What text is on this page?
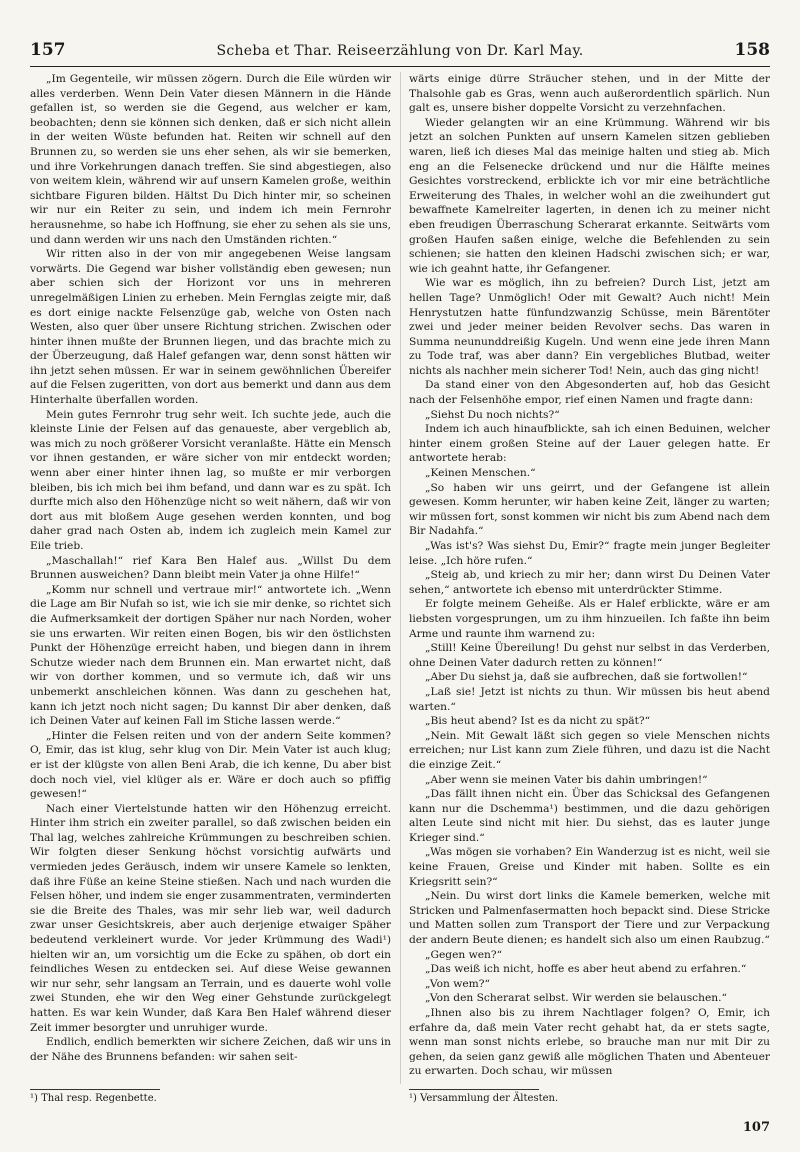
157	Scheba et Thar. Reiseerzählung von Dr. Karl May.	158

„Im Gegenteile, wir müssen zögern. Durch die Eile würden wir alles verderben. Wenn Dein Vater diesen Männern in die Hände gefallen ist, so werden sie die Gegend, aus welcher er kam, beobachten; denn sie können sich denken, daß er sich nicht allein in der weiten Wüste befunden hat. Reiten wir schnell auf den Brunnen zu, so werden sie uns eher sehen, als wir sie bemerken, und ihre Vorkehrungen danach treffen. Sie sind abgestiegen, also von weitem klein, während wir auf unsern Kamelen große, weithin sichtbare Figuren bilden. Hältst Du Dich hinter mir, so scheinen wir nur ein Reiter zu sein, und indem ich mein Fernrohr herausnehme, so habe ich Hoffnung, sie eher zu sehen als sie uns, und dann werden wir uns nach den Umständen richten.“

Wir ritten also in der von mir angegebenen Weise langsam vorwärts. Die Gegend war bisher vollständig eben gewesen; nun aber schien sich der Horizont vor uns in mehreren unregelmäßigen Linien zu erheben. Mein Fernglas zeigte mir, daß es dort einige nackte Felsenzüge gab, welche von Osten nach Westen, also quer über unsere Richtung strichen. Zwischen oder hinter ihnen mußte der Brunnen liegen, und das brachte mich zu der Überzeugung, daß Halef gefangen war, denn sonst hätten wir ihn jetzt sehen müssen. Er war in seinem gewöhnlichen Übereifer auf die Felsen zugeritten, von dort aus bemerkt und dann aus dem Hinterhalte überfallen worden.

Mein gutes Fernrohr trug sehr weit. Ich suchte jede, auch die kleinste Linie der Felsen auf das genaueste, aber vergeblich ab, was mich zu noch größerer Vorsicht veranlaßte. Hätte ein Mensch vor ihnen gestanden, er wäre sicher von mir entdeckt worden; wenn aber einer hinter ihnen lag, so mußte er mir verborgen bleiben, bis ich mich bei ihm befand, und dann war es zu spät. Ich durfte mich also den Höhenzüge nicht so weit nähern, daß wir von dort aus mit bloßem Auge gesehen werden konnten, und bog daher grad nach Osten ab, indem ich zugleich mein Kamel zur Eile trieb.

„Maschallah!“ rief Kara Ben Halef aus. „Willst Du dem Brunnen ausweichen? Dann bleibt mein Vater ja ohne Hilfe!“

„Komm nur schnell und vertraue mir!“ antwortete ich. „Wenn die Lage am Bir Nufah so ist, wie ich sie mir denke, so richtet sich die Aufmerksamkeit der dortigen Späher nur nach Norden, woher sie uns erwarten. Wir reiten einen Bogen, bis wir den östlichsten Punkt der Höhenzüge erreicht haben, und biegen dann in ihrem Schutze wieder nach dem Brunnen ein. Man erwartet nicht, daß wir von dorther kommen, und so vermute ich, daß wir uns unbemerkt anschleichen können. Was dann zu geschehen hat, kann ich jetzt noch nicht sagen; Du kannst Dir aber denken, daß ich Deinen Vater auf keinen Fall im Stiche lassen werde.“

„Hinter die Felsen reiten und von der andern Seite kommen? O, Emir, das ist klug, sehr klug von Dir. Mein Vater ist auch klug; er ist der klügste von allen Beni Arab, die ich kenne, Du aber bist doch noch viel, viel klüger als er. Wäre er doch auch so pfiffig gewesen!“

Nach einer Viertelstunde hatten wir den Höhenzug erreicht. Hinter ihm strich ein zweiter parallel, so daß zwischen beiden ein Thal lag, welches zahlreiche Krümmungen zu beschreiben schien. Wir folgten dieser Senkung höchst vorsichtig aufwärts und vermieden jedes Geräusch, indem wir unsere Kamele so lenkten, daß ihre Füße an keine Steine stießen. Nach und nach wurden die Felsen höher, und indem sie enger zusammentraten, verminderten sie die Breite des Thales, was mir sehr lieb war, weil dadurch zwar unser Gesichtskreis, aber auch derjenige etwaiger Späher bedeutend verkleinert wurde. Vor jeder Krümmung des Wadi¹) hielten wir an, um vorsichtig um die Ecke zu spähen, ob dort ein feindliches Wesen zu entdecken sei. Auf diese Weise gewannen wir nur sehr, sehr langsam an Terrain, und es dauerte wohl volle zwei Stunden, ehe wir den Weg einer Gehstunde zurückgelegt hatten. Es war kein Wunder, daß Kara Ben Halef während dieser Zeit immer besorgter und unruhiger wurde.

Endlich, endlich bemerkten wir sichere Zeichen, daß wir uns in der Nähe des Brunnens befanden: wir sahen seit-

wärts einige dürre Sträucher stehen, und in der Mitte der Thalsohle gab es Gras, wenn auch außerordentlich spärlich. Nun galt es, unsere bisher doppelte Vorsicht zu verzehnfachen.

Wieder gelangten wir an eine Krümmung. Während wir bis jetzt an solchen Punkten auf unsern Kamelen sitzen geblieben waren, ließ ich dieses Mal das meinige halten und stieg ab. Mich eng an die Felsenecke drückend und nur die Hälfte meines Gesichtes vorstreckend, erblickte ich vor mir eine beträchtliche Erweiterung des Thales, in welcher wohl an die zweihundert gut bewaffnete Kamelreiter lagerten, in denen ich zu meiner nicht eben freudigen Überraschung Scherarat erkannte. Seitwärts vom großen Haufen saßen einige, welche die Befehlenden zu sein schienen; sie hatten den kleinen Hadschi zwischen sich; er war, wie ich geahnt hatte, ihr Gefangener.

Wie war es möglich, ihn zu befreien? Durch List, jetzt am hellen Tage? Unmöglich! Oder mit Gewalt? Auch nicht! Mein Henrystutzen hatte fünfundzwanzig Schüsse, mein Bärentöter zwei und jeder meiner beiden Revolver sechs. Das waren in Summa neununddreißig Kugeln. Und wenn eine jede ihren Mann zu Tode traf, was aber dann? Ein vergebliches Blutbad, weiter nichts als nachher mein sicherer Tod! Nein, auch das ging nicht!

Da stand einer von den Abgesonderten auf, hob das Gesicht nach der Felsenhöhe empor, rief einen Namen und fragte dann:

„Siehst Du noch nichts?“

Indem ich auch hinaufblickte, sah ich einen Beduinen, welcher hinter einem großen Steine auf der Lauer gelegen hatte. Er antwortete herab:

„Keinen Menschen.“

„So haben wir uns geirrt, und der Gefangene ist allein gewesen. Komm herunter, wir haben keine Zeit, länger zu warten; wir müssen fort, sonst kommen wir nicht bis zum Abend nach dem Bir Nadahfa.“

„Was ist's? Was siehst Du, Emir?“ fragte mein junger Begleiter leise. „Ich höre rufen.“

„Steig ab, und kriech zu mir her; dann wirst Du Deinen Vater sehen,“ antwortete ich ebenso mit unterdrückter Stimme.

Er folgte meinem Geheiße. Als er Halef erblickte, wäre er am liebsten vorgesprungen, um zu ihm hinzueilen. Ich faßte ihn beim Arme und raunte ihm warnend zu:

„Still! Keine Übereilung! Du gehst nur selbst in das Verderben, ohne Deinen Vater dadurch retten zu können!“

„Aber Du siehst ja, daß sie aufbrechen, daß sie fortwollen!“

„Laß sie! Jetzt ist nichts zu thun. Wir müssen bis heut abend warten.“

„Bis heut abend? Ist es da nicht zu spät?“

„Nein. Mit Gewalt läßt sich gegen so viele Menschen nichts erreichen; nur List kann zum Ziele führen, und dazu ist die Nacht die einzige Zeit.“

„Aber wenn sie meinen Vater bis dahin umbringen!“

„Das fällt ihnen nicht ein. Über das Schicksal des Gefangenen kann nur die Dschemma¹) bestimmen, und die dazu gehörigen alten Leute sind nicht mit hier. Du siehst, das es lauter junge Krieger sind.“

„Was mögen sie vorhaben? Ein Wanderzug ist es nicht, weil sie keine Frauen, Greise und Kinder mit haben. Sollte es ein Kriegsritt sein?“

„Nein. Du wirst dort links die Kamele bemerken, welche mit Stricken und Palmenfasermatten hoch bepackt sind. Diese Stricke und Matten sollen zum Transport der Tiere und zur Verpackung der andern Beute dienen; es handelt sich also um einen Raubzug.“

„Gegen wen?“

„Das weiß ich nicht, hoffe es aber heut abend zu erfahren.“

„Von wem?“

„Von den Scherarat selbst. Wir werden sie belauschen.“

„Ihnen also bis zu ihrem Nachtlager folgen? O, Emir, ich erfahre da, daß mein Vater recht gehabt hat, da er stets sagte, wenn man sonst nichts erlebe, so brauche man nur mit Dir zu gehen, da seien ganz gewiß alle möglichen Thaten und Abenteuer zu erwarten. Doch schau, wir müssen

¹) Thal resp. Regenbette.	¹) Versammlung der Ältesten.
107
